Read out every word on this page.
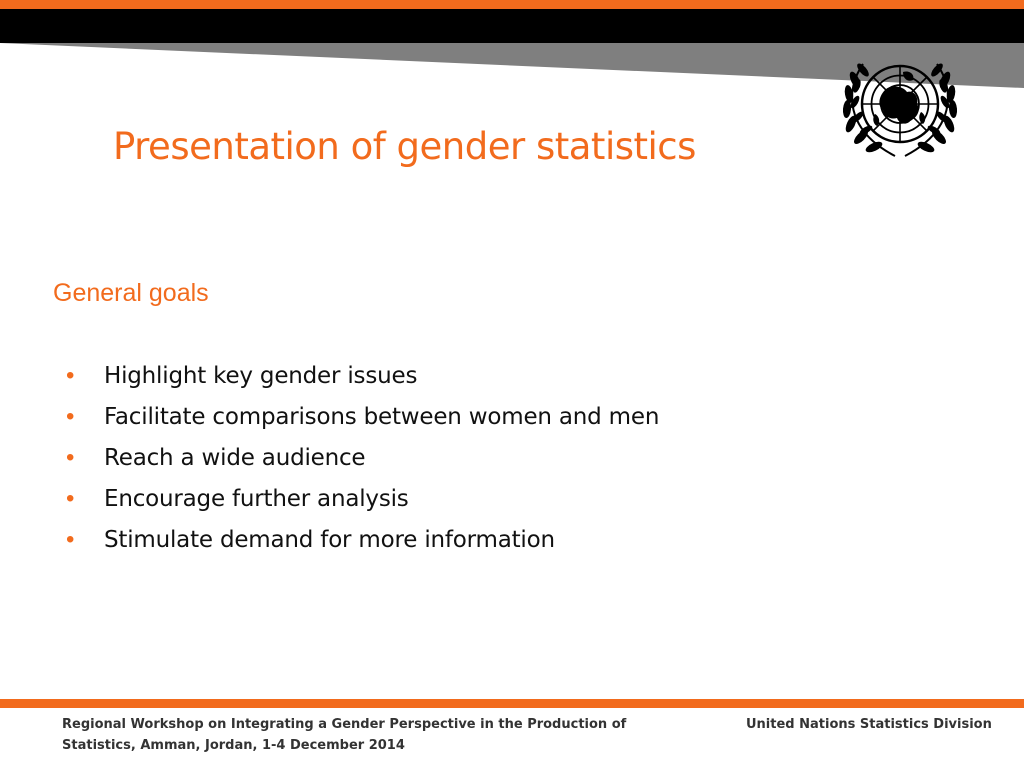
Presentation of gender statistics
General goals
• Highlight key gender issues
• Facilitate comparisons between women and men
• Reach a wide audience
• Encourage further analysis
• Stimulate demand for more information
Regional Workshop on Integrating a Gender Perspective in the Production of
Statistics, Amman, Jordan, 1-4 December 2014
United Nations Statistics Division
